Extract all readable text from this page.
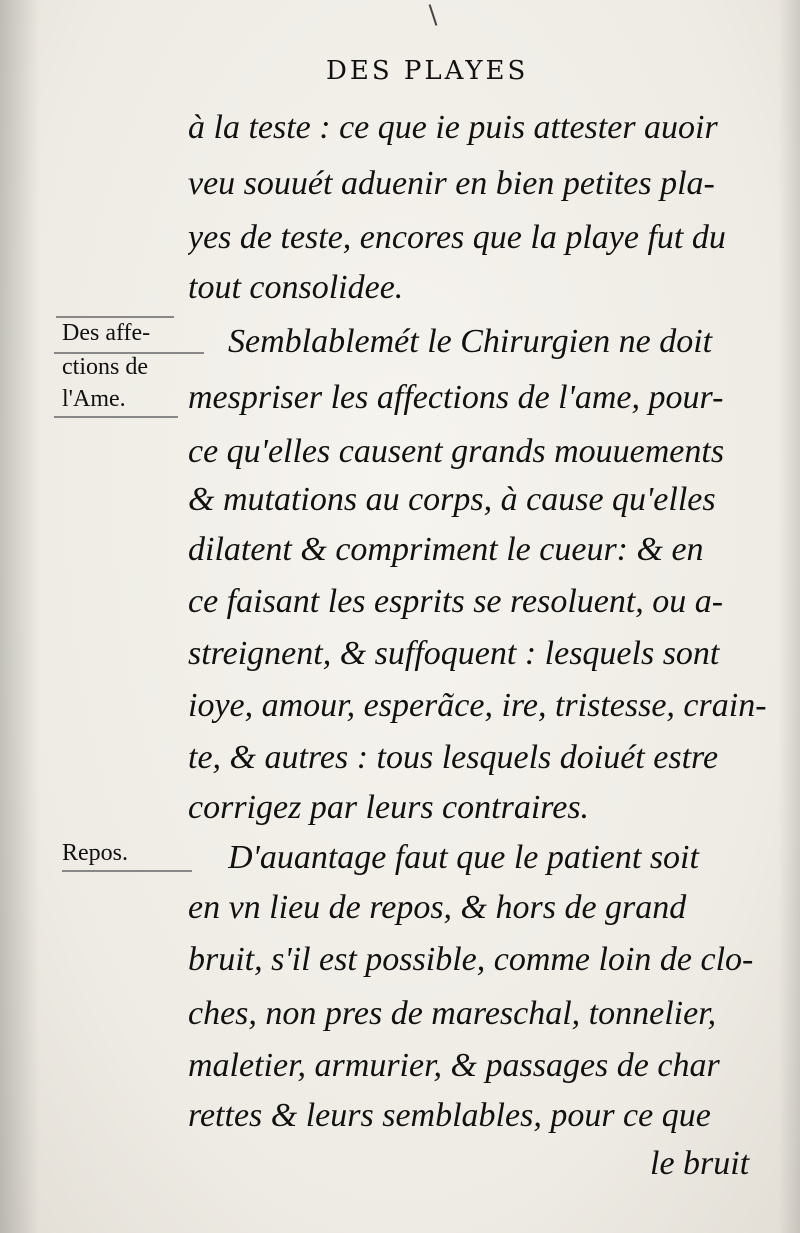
DES PLAYES
à la teste : ce que ie puis attester auoir
veu souuét aduenir en bien petites pla-
yes de teste, encores que la playe fut du
tout consolidee.
Semblablemét le Chirurgien ne doit
mespriser les affections de l'ame, pour-
ce qu'elles causent grands mouuements
& mutations au corps, à cause qu'elles
dilatent & compriment le cueur: & en
ce faisant les esprits se resoluent, ou a-
streignent, & suffoquent : lesquels sont
ioye, amour, esperãce, ire, tristesse, crain-
te, & autres : tous lesquels doiuét estre
corrigez par leurs contraires.
D'auantage faut que le patient soit
en vn lieu de repos, & hors de grand
bruit, s'il est possible, comme loin de clo-
ches, non pres de mareschal, tonnelier,
maletier, armurier, & passages de char
rettes & leurs semblables, pour ce que
le bruit
Des affe-
ctions de
l'Ame.
Repos.
